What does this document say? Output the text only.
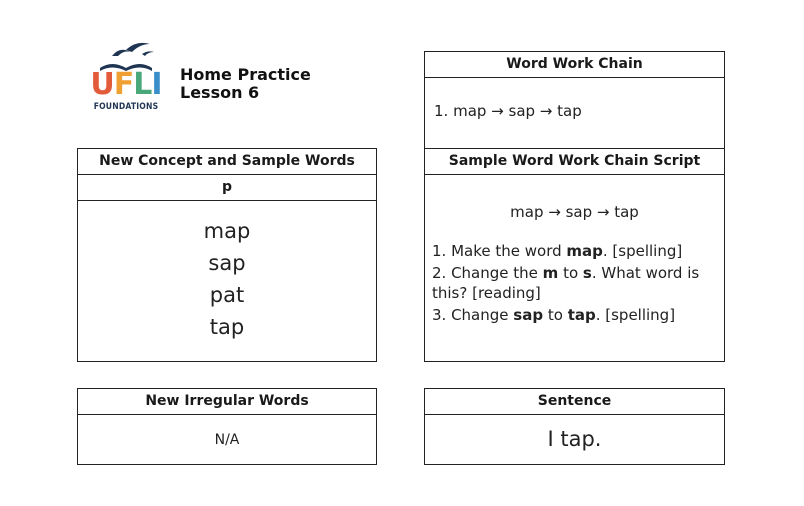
U F L I
FOUNDATIONS
Home Practice
Lesson 6
New Concept and Sample Words
p
map
sap
pat
tap
Word Work Chain
1. map → sap → tap
Sample Word Work Chain Script
map → sap → tap
1. Make the word map. [spelling]
2. Change the m to s. What word is this? [reading]
3. Change sap to tap. [spelling]
New Irregular Words
N/A
Sentence
I tap.
